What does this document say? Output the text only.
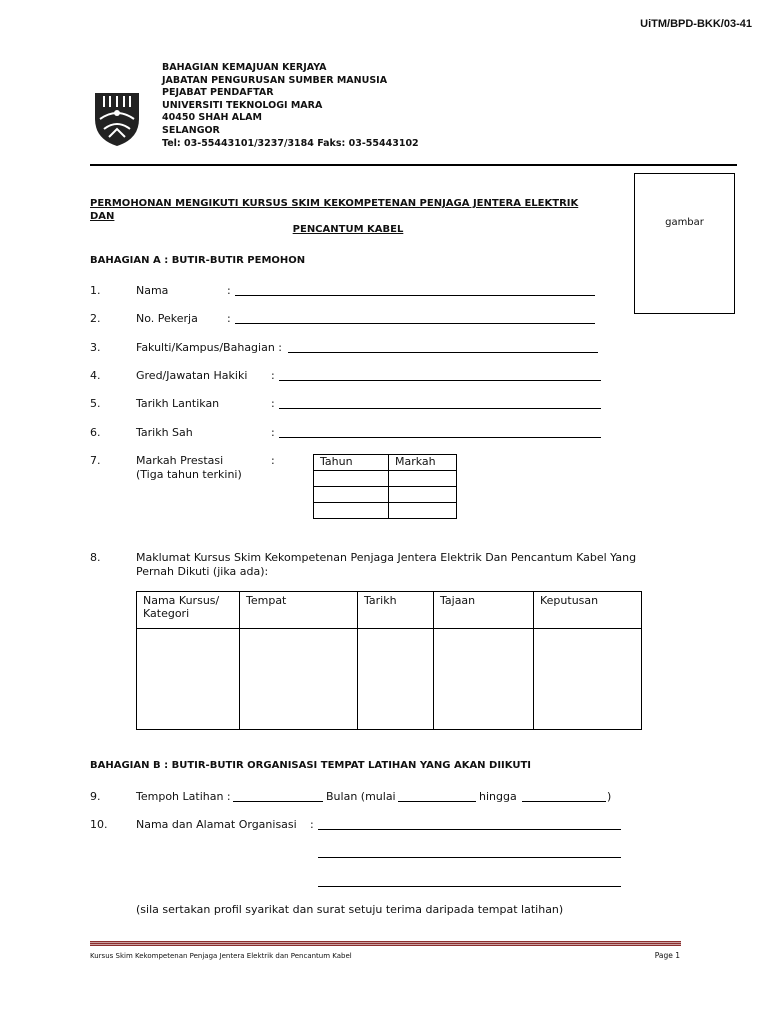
UiTM/BPD-BKK/03-41
BAHAGIAN KEMAJUAN KERJAYA
JABATAN PENGURUSAN SUMBER MANUSIA
PEJABAT PENDAFTAR
UNIVERSITI TEKNOLOGI MARA
40450 SHAH ALAM
SELANGOR
Tel: 03-55443101/3237/3184 Faks: 03-55443102
gambar
PERMOHONAN MENGIKUTI KURSUS SKIM KEKOMPETENAN PENJAGA JENTERA ELEKTRIK DAN
PENCANTUM KABEL
BAHAGIAN A : BUTIR-BUTIR PEMOHON
1.	Nama	:
2.	No. Pekerja	:
3.	Fakulti/Kampus/Bahagian :
4.	Gred/Jawatan Hakiki :
5.	Tarikh Lantikan	:
6.	Tarikh Sah	:
7.	Markah Prestasi
(Tiga tahun terkini)
:	Tahun	Markah

8.	Maklumat Kursus Skim Kekompetenan Penjaga Jentera Elektrik Dan Pencantum Kabel Yang
Pernah Dikuti (jika ada):
Nama Kursus/
Kategori	Tempat	Tarikh	Tajaan	Keputusan

BAHAGIAN B : BUTIR-BUTIR ORGANISASI TEMPAT LATIHAN YANG AKAN DIIKUTI
9.	Tempoh Latihan :	Bulan (mulai	hingga	)
10.	Nama dan Alamat Organisasi :
(sila sertakan profil syarikat dan surat setuju terima daripada tempat latihan)
Kursus Skim Kekompetenan Penjaga Jentera Elektrik dan Pencantum Kabel	Page 1
